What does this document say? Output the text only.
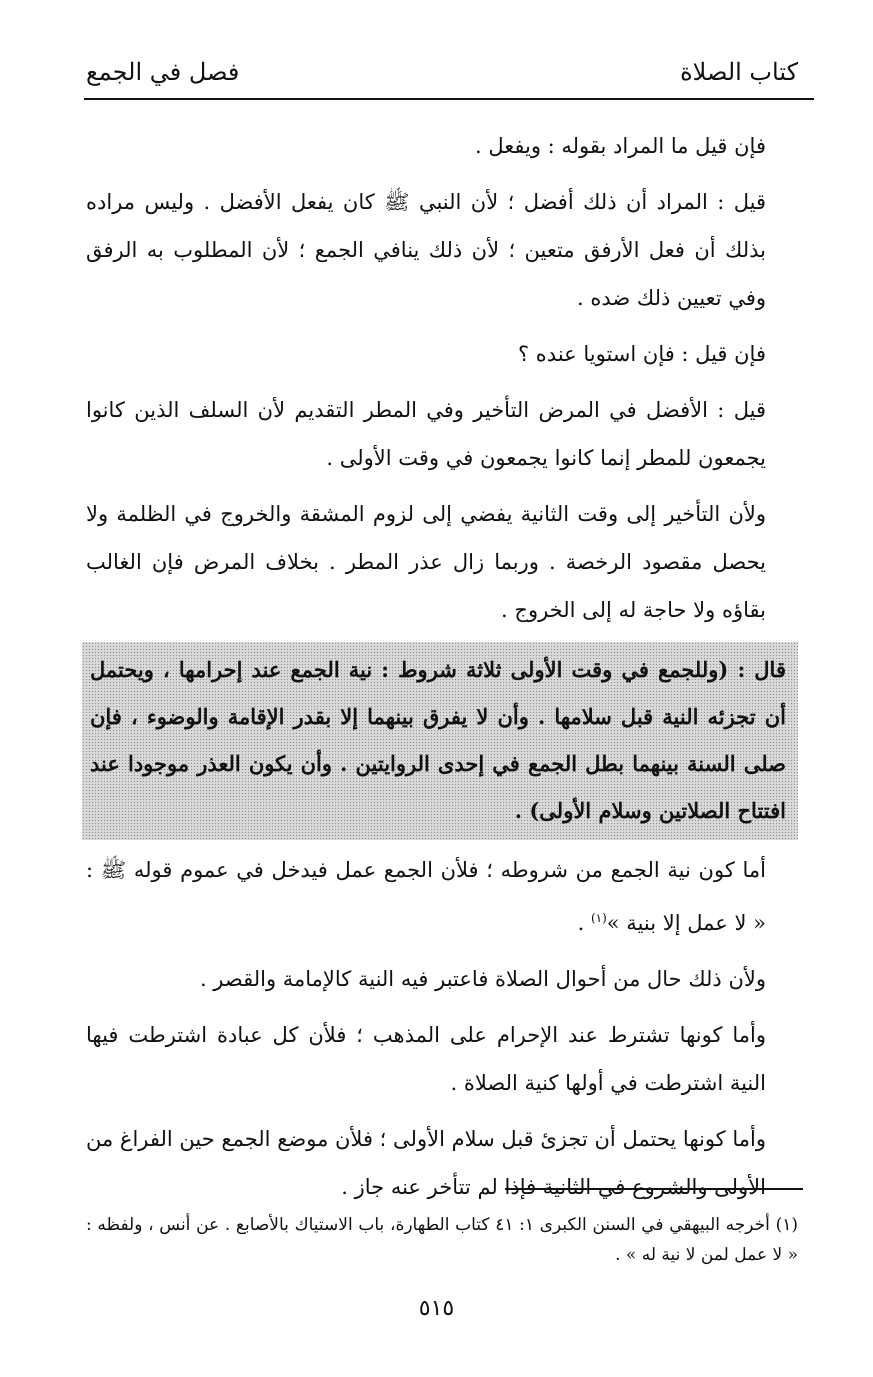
كتاب الصلاة
فصل في الجمع

فإن قيل ما المراد بقوله : ويفعل .

قيل : المراد أن ذلك أفضل ؛ لأن النبي ﷺ كان يفعل الأفضل . وليس مراده بذلك أن فعل الأرفق متعين ؛ لأن ذلك ينافي الجمع ؛ لأن المطلوب به الرفق وفي تعيين ذلك ضده .

فإن قيل : فإن استويا عنده ؟

قيل : الأفضل في المرض التأخير وفي المطر التقديم لأن السلف الذين كانوا يجمعون للمطر إنما كانوا يجمعون في وقت الأولى .

ولأن التأخير إلى وقت الثانية يفضي إلى لزوم المشقة والخروج في الظلمة ولا يحصل مقصود الرخصة . وربما زال عذر المطر . بخلاف المرض فإن الغالب بقاؤه ولا حاجة له إلى الخروج .

قال : (وللجمع في وقت الأولى ثلاثة شروط : نية الجمع عند إحرامها ، ويحتمل أن تجزئه النية قبل سلامها . وأن لا يفرق بينهما إلا بقدر الإقامة والوضوء ، فإن صلى السنة بينهما بطل الجمع في إحدى الروايتين . وأن يكون العذر موجودا عند افتتاح الصلاتين وسلام الأولى) .

أما كون نية الجمع من شروطه ؛ فلأن الجمع عمل فيدخل في عموم قوله ﷺ : « لا عمل إلا بنية »$^{(١)}$ .

ولأن ذلك حال من أحوال الصلاة فاعتبر فيه النية كالإمامة والقصر .

وأما كونها تشترط عند الإحرام على المذهب ؛ فلأن كل عبادة اشترطت فيها النية اشترطت في أولها كنية الصلاة .

وأما كونها يحتمل أن تجزئ قبل سلام الأولى ؛ فلأن موضع الجمع حين الفراغ من الأولى والشروع في الثانية فإذا لم تتأخر عنه جاز .

(١) أخرجه البيهقي في السنن الكبرى ١: ٤١ كتاب الطهارة، باب الاستياك بالأصابع . عن أنس ، ولفظه : « لا عمل لمن لا نية له » .
٥١٥
